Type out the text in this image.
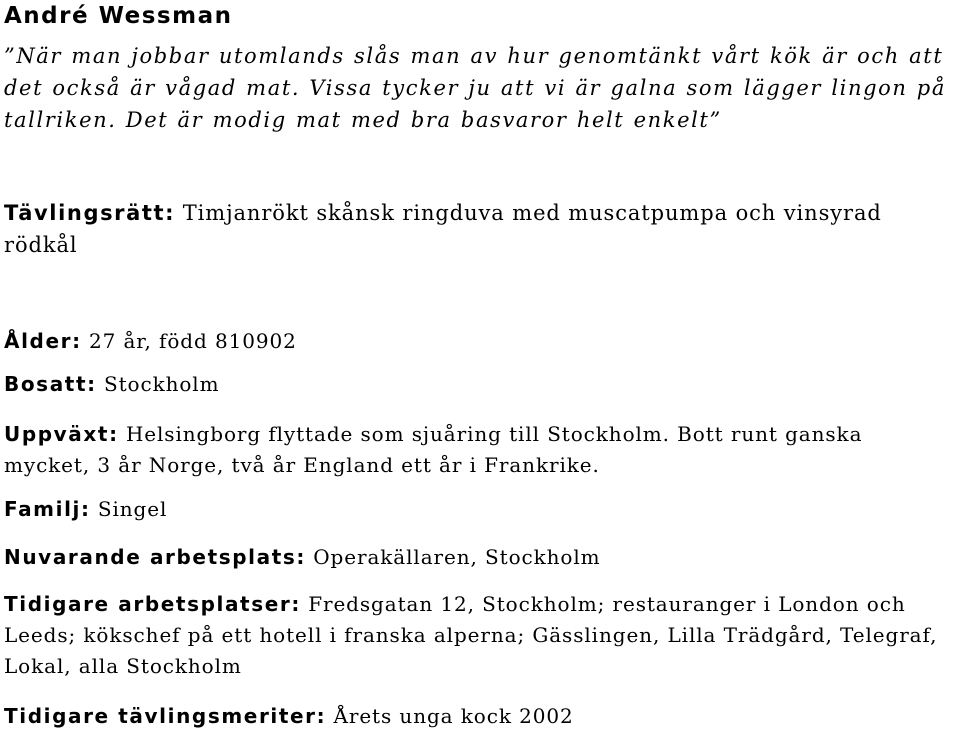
André Wessman
”När man jobbar utomlands slås man av hur genomtänkt vårt kök är och att det också är vågad mat. Vissa tycker ju att vi är galna som lägger lingon på tallriken. Det är modig mat med bra basvaror helt enkelt”
Tävlingsrätt: Timjanrökt skånsk ringduva med muscatpumpa och vinsyrad rödkål
Ålder: 27 år, född 810902
Bosatt: Stockholm
Uppväxt: Helsingborg flyttade som sjuåring till Stockholm. Bott runt ganska mycket, 3 år Norge, två år England ett år i Frankrike.
Familj: Singel
Nuvarande arbetsplats: Operakällaren, Stockholm
Tidigare arbetsplatser: Fredsgatan 12, Stockholm; restauranger i London och Leeds; kökschef på ett hotell i franska alperna; Gässlingen, Lilla Trädgård, Telegraf, Lokal, alla Stockholm
Tidigare tävlingsmeriter: Årets unga kock 2002
